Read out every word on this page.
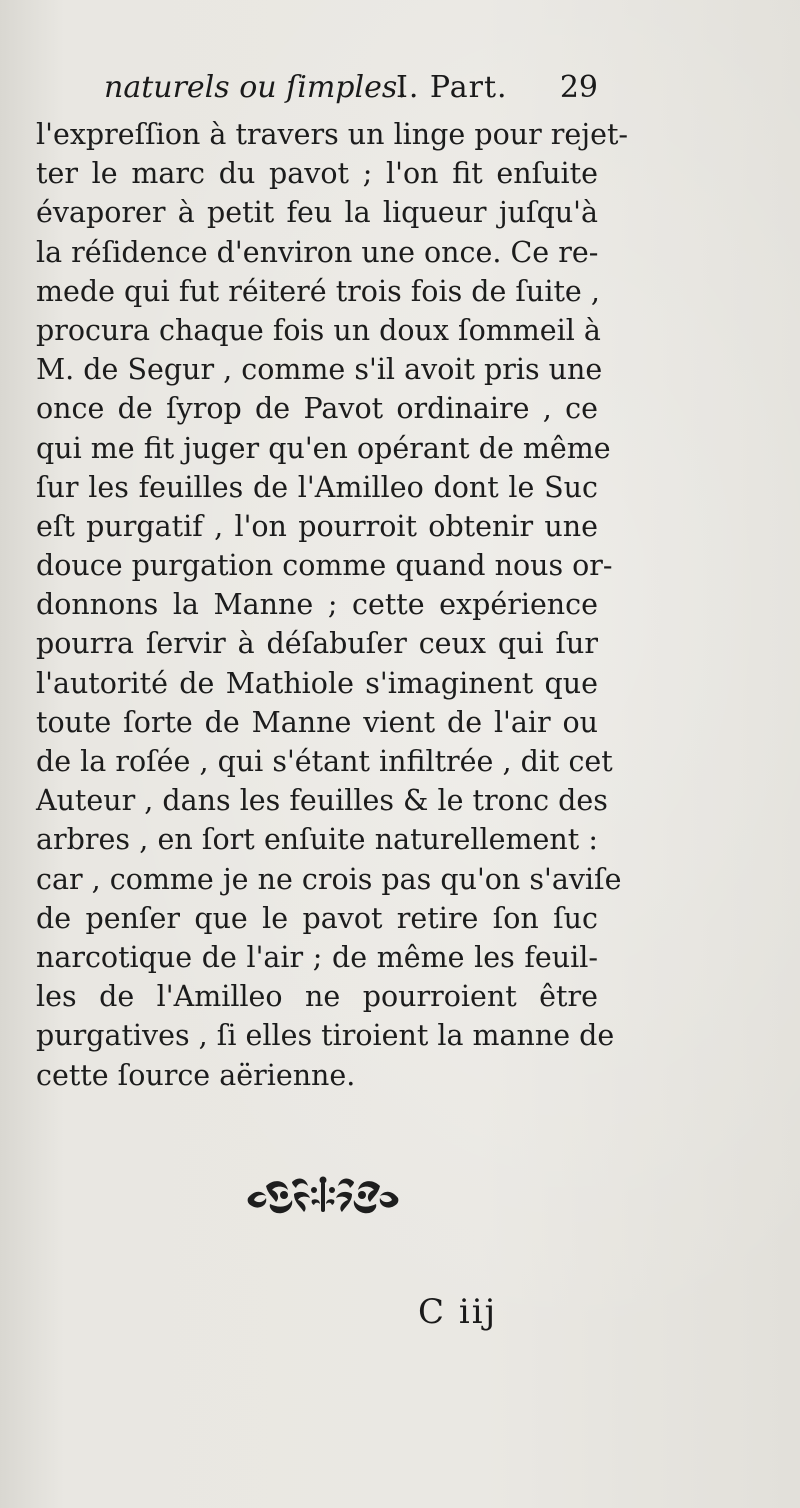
naturels ou ſimples.
I. Part. 29
l'expreſſion à travers un linge pour rejet-
ter le marc du pavot ; l'on fit enſuite
évaporer à petit feu la liqueur juſqu'à
la réſidence d'environ une once. Ce re-
mede qui fut réiteré trois fois de ſuite ,
procura chaque fois un doux ſommeil à
M. de Segur , comme s'il avoit pris une
once de ſyrop de Pavot ordinaire , ce
qui me fit juger qu'en opérant de même
ſur les feuilles de l'Amilleo dont le Suc
eſt purgatif , l'on pourroit obtenir une
douce purgation comme quand nous or-
donnons la Manne ; cette expérience
pourra ſervir à déſabuſer ceux qui ſur
l'autorité de Mathiole s'imaginent que
toute ſorte de Manne vient de l'air ou
de la roſée , qui s'étant infiltrée , dit cet
Auteur , dans les feuilles & le tronc des
arbres , en ſort enſuite naturellement :
car , comme je ne crois pas qu'on s'aviſe
de penſer que le pavot retire ſon ſuc
narcotique de l'air ; de même les feuil-
les de l'Amilleo ne pourroient être
purgatives , ſi elles tiroient la manne de
cette ſource aërienne.
C iij
